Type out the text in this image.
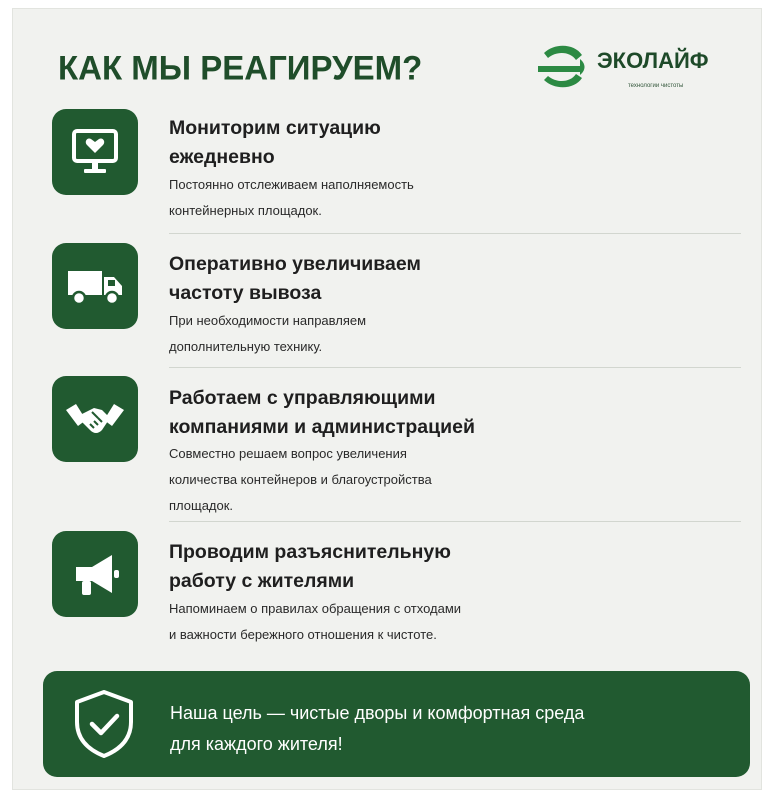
КАК МЫ РЕАГИРУЕМ?	ЭКОЛАЙФ
технологии чистоты
Мониторим ситуацию
ежедневно
Постоянно отслеживаем наполняемость
контейнерных площадок.
Оперативно увеличиваем
частоту вывоза
При необходимости направляем
дополнительную технику.
Работаем с управляющими
компаниями и администрацией
Совместно решаем вопрос увеличения
количества контейнеров и благоустройства
площадок.
Проводим разъяснительную
работу с жителями
Напоминаем о правилах обращения с отходами
и важности бережного отношения к чистоте.
Наша цель — чистые дворы и комфортная среда
для каждого жителя!
